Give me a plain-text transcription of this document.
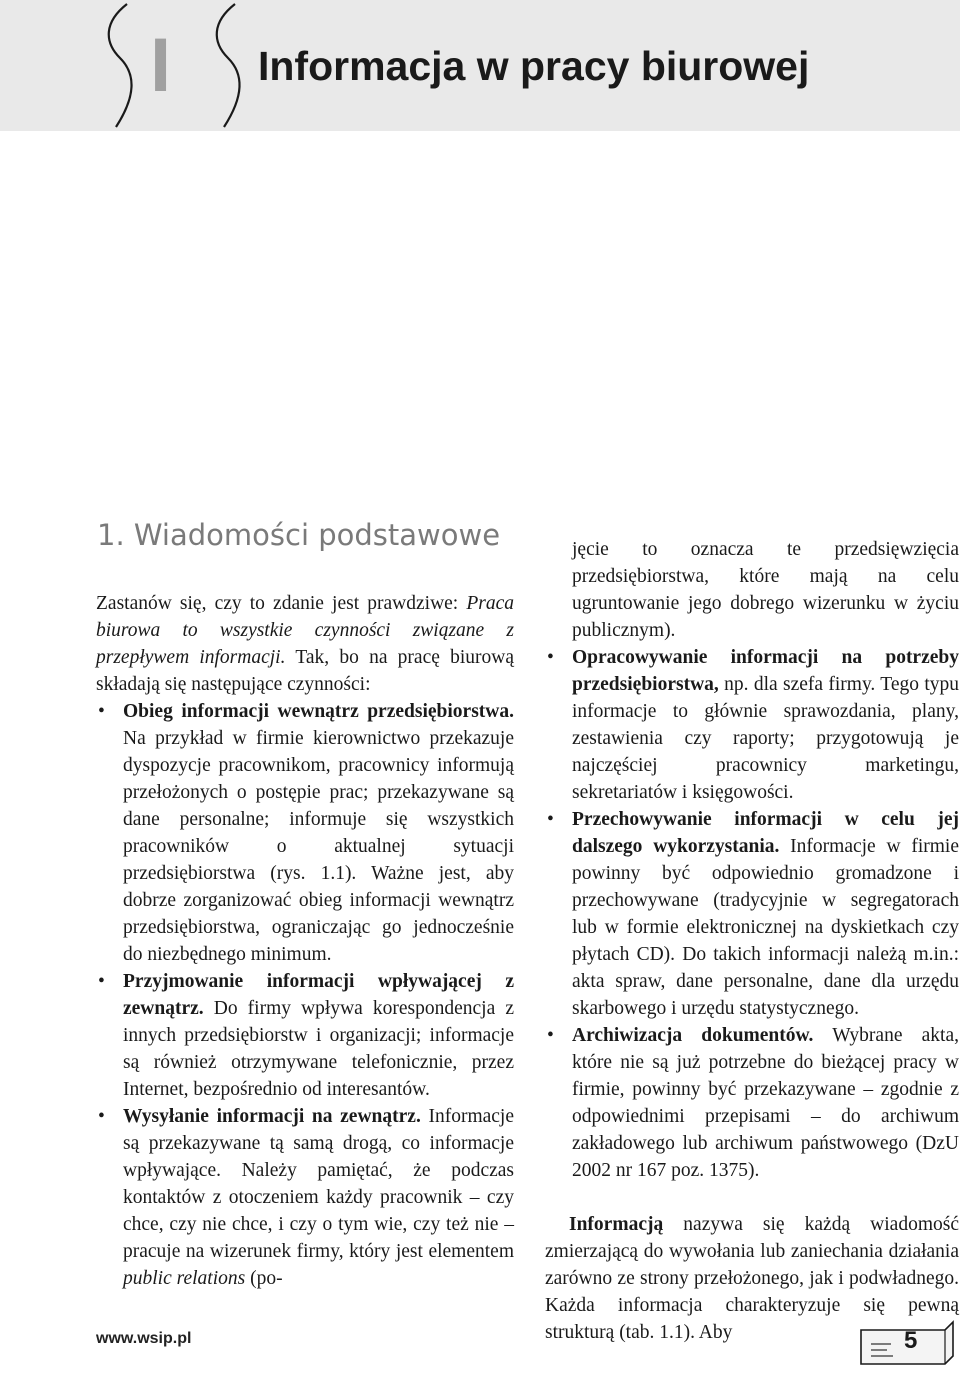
I Informacja w pracy biurowej
1. Wiadomości podstawowe

Zastanów się, czy to zdanie jest prawdziwe: Praca biurowa to wszystkie czynności związane z przepływem informacji. Tak, bo na pracę biurową składają się następujące czynności:

• Obieg informacji wewnątrz przedsiębiorstwa. Na przykład w firmie kierownictwo przekazuje dyspozycje pracownikom, pracownicy informują przełożonych o postępie prac; przekazywane są dane personalne; informuje się wszystkich pracowników o aktualnej sytuacji przedsiębiorstwa (rys. 1.1). Ważne jest, aby dobrze zorganizować obieg informacji wewnątrz przedsiębiorstwa, ograniczając go jednocześnie do niezbędnego minimum.
• Przyjmowanie informacji wpływającej z zewnątrz. Do firmy wpływa korespondencja z innych przedsiębiorstw i organizacji; informacje są również otrzymywane telefonicznie, przez Internet, bezpośrednio od interesantów.
• Wysyłanie informacji na zewnątrz. Informacje są przekazywane tą samą drogą, co informacje wpływające. Należy pamiętać, że podczas kontaktów z otoczeniem każdy pracownik – czy chce, czy nie chce, i czy o tym wie, czy też nie – pracuje na wizerunek firmy, który jest elementem public relations (po-

jęcie to oznacza te przedsięwzięcia przedsiębiorstwa, które mają na celu ugruntowanie jego dobrego wizerunku w życiu publicznym).

• Opracowywanie informacji na potrzeby przedsiębiorstwa, np. dla szefa firmy. Tego typu informacje to głównie sprawozdania, plany, zestawienia czy raporty; przygotowują je najczęściej pracownicy marketingu, sekretariatów i księgowości.
• Przechowywanie informacji w celu jej dalszego wykorzystania. Informacje w firmie powinny być odpowiednio gromadzone i przechowywane (tradycyjnie w segregatorach lub w formie elektronicznej na dyskietkach czy płytach CD). Do takich informacji należą m.in.: akta spraw, dane personalne, dane dla urzędu skarbowego i urzędu statystycznego.
• Archiwizacja dokumentów. Wybrane akta, które nie są już potrzebne do bieżącej pracy w firmie, powinny być przekazywane – zgodnie z odpowiednimi przepisami – do archiwum zakładowego lub archiwum państwowego (DzU 2002 nr 167 poz. 1375).

Informacją nazywa się każdą wiadomość zmierzającą do wywołania lub zaniechania działania zarówno ze strony przełożonego, jak i podwładnego. Każda informacja charakteryzuje się pewną strukturą (tab. 1.1). Aby

www.wsip.pl	5
